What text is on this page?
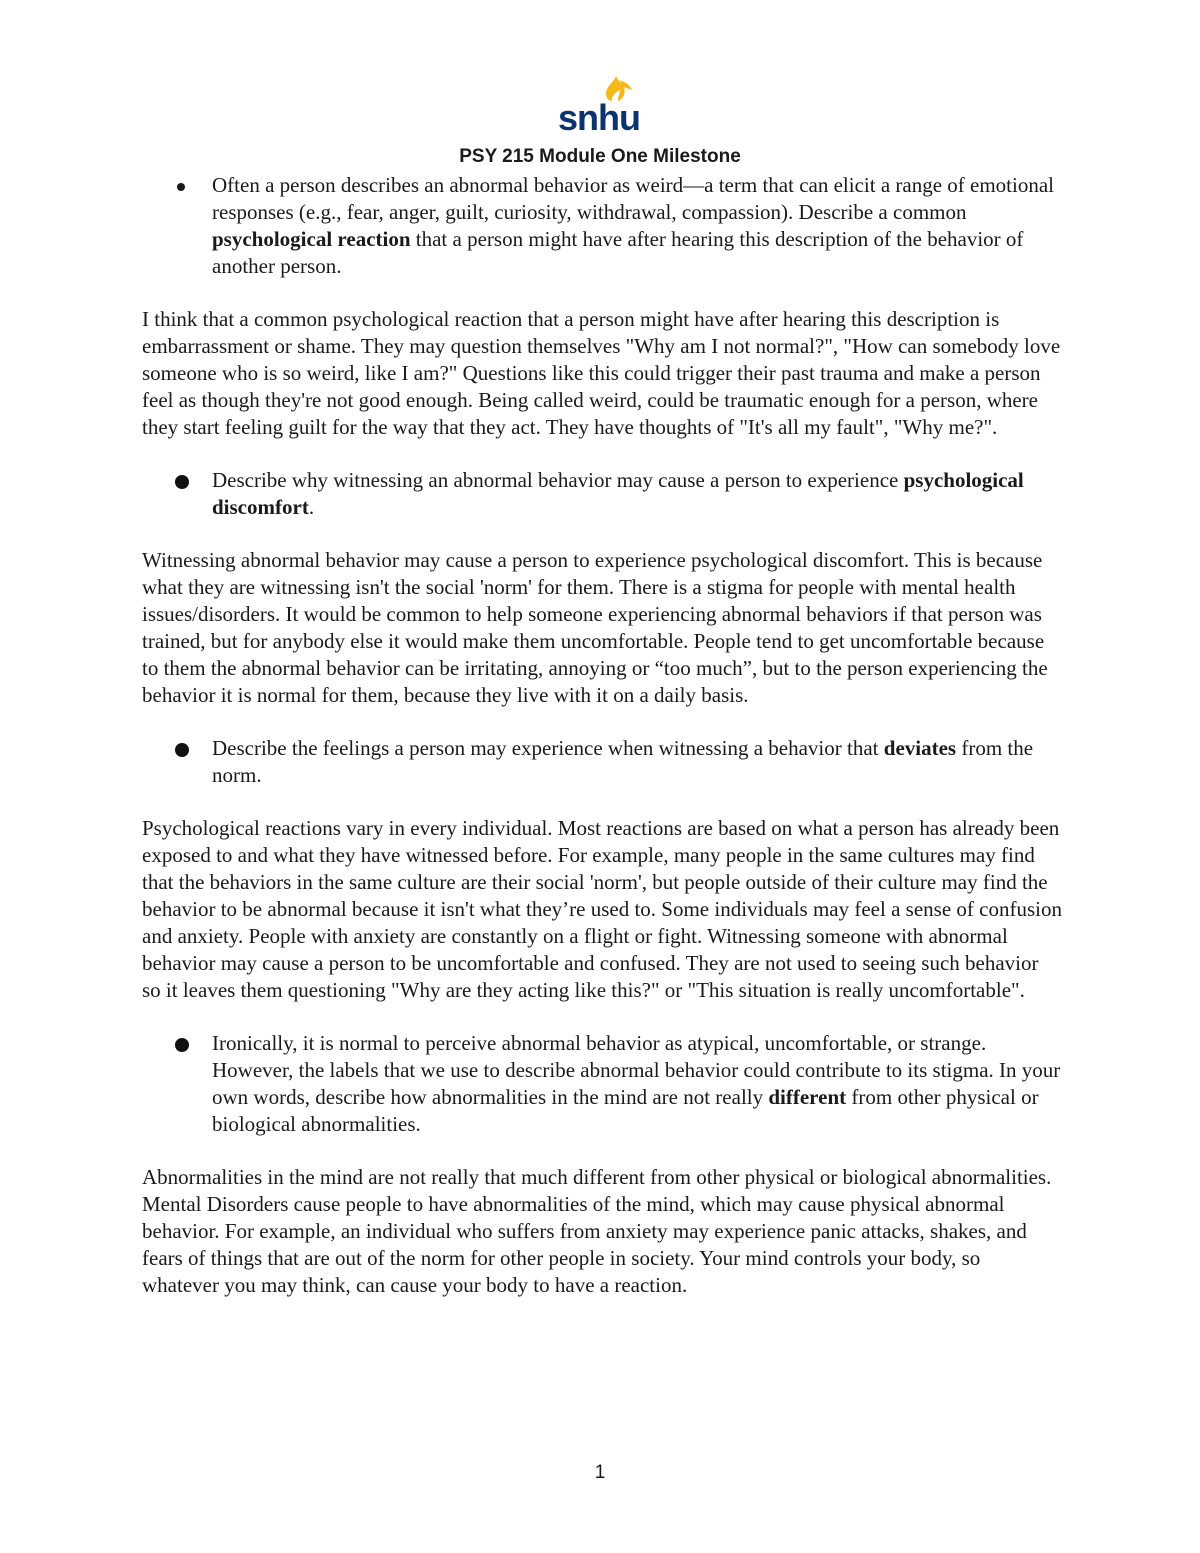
snhu
PSY 215 Module One Milestone

Often a person describes an abnormal behavior as weird—a term that can elicit a range of emotional responses (e.g., fear, anger, guilt, curiosity, withdrawal, compassion). Describe a common psychological reaction that a person might have after hearing this description of the behavior of another person.

I think that a common psychological reaction that a person might have after hearing this description is embarrassment or shame. They may question themselves "Why am I not normal?", "How can somebody love someone who is so weird, like I am?" Questions like this could trigger their past trauma and make a person feel as though they're not good enough. Being called weird, could be traumatic enough for a person, where they start feeling guilt for the way that they act. They have thoughts of "It's all my fault", "Why me?".

Describe why witnessing an abnormal behavior may cause a person to experience psychological discomfort.

Witnessing abnormal behavior may cause a person to experience psychological discomfort. This is because what they are witnessing isn't the social 'norm' for them. There is a stigma for people with mental health issues/disorders. It would be common to help someone experiencing abnormal behaviors if that person was trained, but for anybody else it would make them uncomfortable. People tend to get uncomfortable because to them the abnormal behavior can be irritating, annoying or “too much”, but to the person experiencing the behavior it is normal for them, because they live with it on a daily basis.

Describe the feelings a person may experience when witnessing a behavior that deviates from the norm.

Psychological reactions vary in every individual. Most reactions are based on what a person has already been exposed to and what they have witnessed before. For example, many people in the same cultures may find that the behaviors in the same culture are their social 'norm', but people outside of their culture may find the behavior to be abnormal because it isn't what they’re used to. Some individuals may feel a sense of confusion and anxiety. People with anxiety are constantly on a flight or fight. Witnessing someone with abnormal behavior may cause a person to be uncomfortable and confused. They are not used to seeing such behavior so it leaves them questioning "Why are they acting like this?" or "This situation is really uncomfortable".

Ironically, it is normal to perceive abnormal behavior as atypical, uncomfortable, or strange. However, the labels that we use to describe abnormal behavior could contribute to its stigma. In your own words, describe how abnormalities in the mind are not really different from other physical or biological abnormalities.

Abnormalities in the mind are not really that much different from other physical or biological abnormalities. Mental Disorders cause people to have abnormalities of the mind, which may cause physical abnormal behavior. For example, an individual who suffers from anxiety may experience panic attacks, shakes, and fears of things that are out of the norm for other people in society. Your mind controls your body, so whatever you may think, can cause your body to have a reaction.

1
